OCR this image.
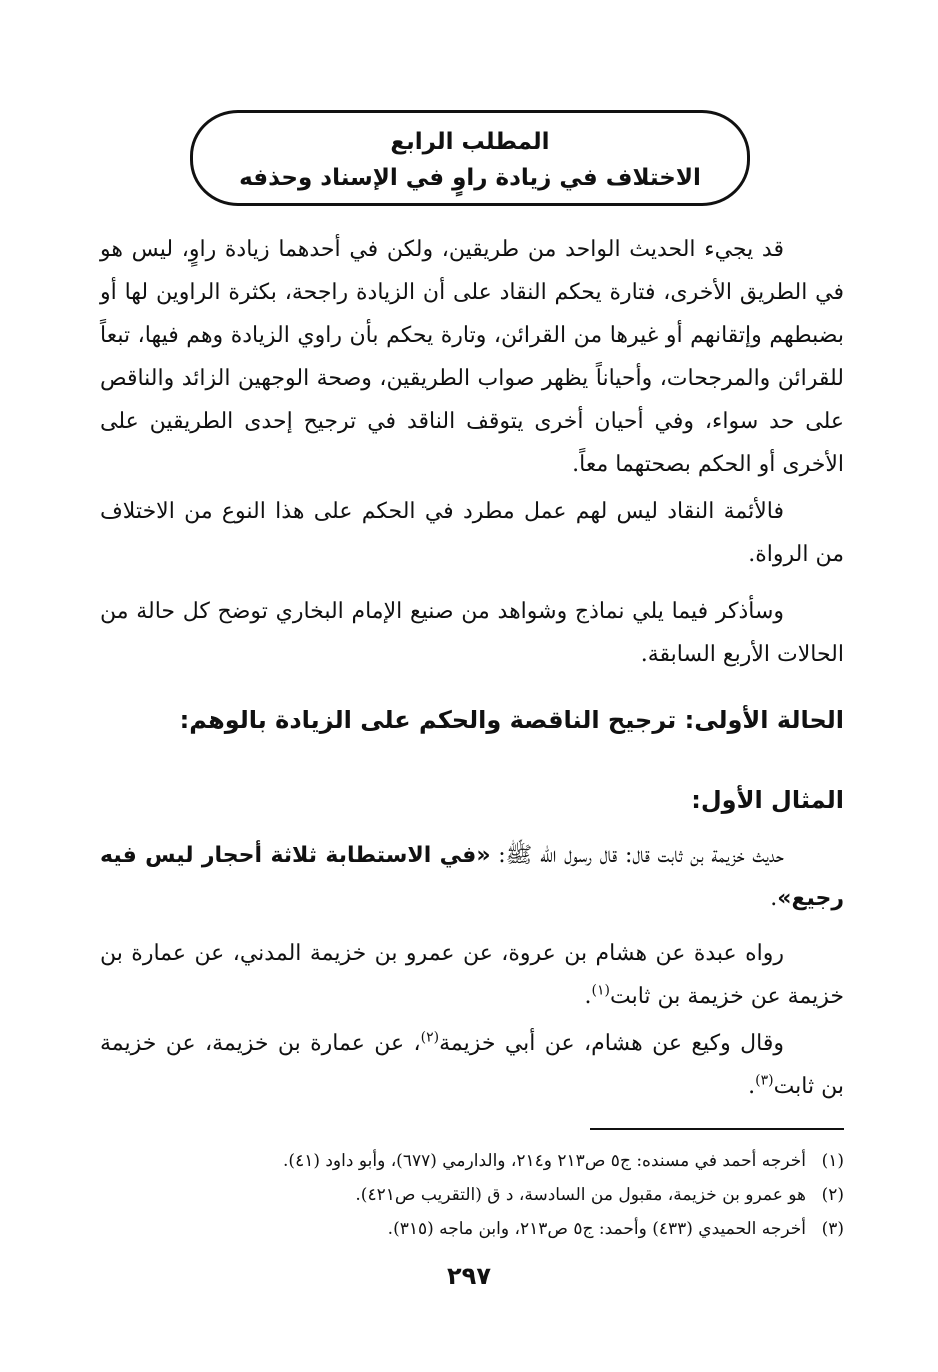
المطلب الرابع
الاختلاف في زيادة راوٍ في الإسناد وحذفه
قد يجيء الحديث الواحد من طريقين، ولكن في أحدهما زيادة راوٍ، ليس هو في الطريق الأخرى، فتارة يحكم النقاد على أن الزيادة راجحة، بكثرة الراوين لها أو بضبطهم وإتقانهم أو غيرها من القرائن، وتارة يحكم بأن راوي الزيادة وهم فيها، تبعاً للقرائن والمرجحات، وأحياناً يظهر صواب الطريقين، وصحة الوجهين الزائد والناقص على حد سواء، وفي أحيان أخرى يتوقف الناقد في ترجيح إحدى الطريقين على الأخرى أو الحكم بصحتهما معاً.
فالأئمة النقاد ليس لهم عمل مطرد في الحكم على هذا النوع من الاختلاف من الرواة.
وسأذكر فيما يلي نماذج وشواهد من صنيع الإمام البخاري توضح كل حالة من الحالات الأربع السابقة.
الحالة الأولى: ترجيح الناقصة والحكم على الزيادة بالوهم:
المثال الأول:
حديث خزيمة بن ثابت قال: قال رسول الله ﷺ: «في الاستطابة ثلاثة أحجار ليس فيه رجيع».
رواه عبدة عن هشام بن عروة، عن عمرو بن خزيمة المدني، عن عمارة بن خزيمة عن خزيمة بن ثابت$^{(١)}$.
وقال وكيع عن هشام، عن أبي خزيمة$^{(٢)}$، عن عمارة بن خزيمة، عن خزيمة بن ثابت$^{(٣)}$.
(١)أخرجه أحمد في مسنده: ج٥ ص٢١٣ و٢١٤، والدارمي (٦٧٧)، وأبو داود (٤١).
(٢)هو عمرو بن خزيمة، مقبول من السادسة، د ق (التقريب ص٤٢١).
(٣)أخرجه الحميدي (٤٣٣) وأحمد: ج٥ ص٢١٣، وابن ماجه (٣١٥).
٢٩٧
